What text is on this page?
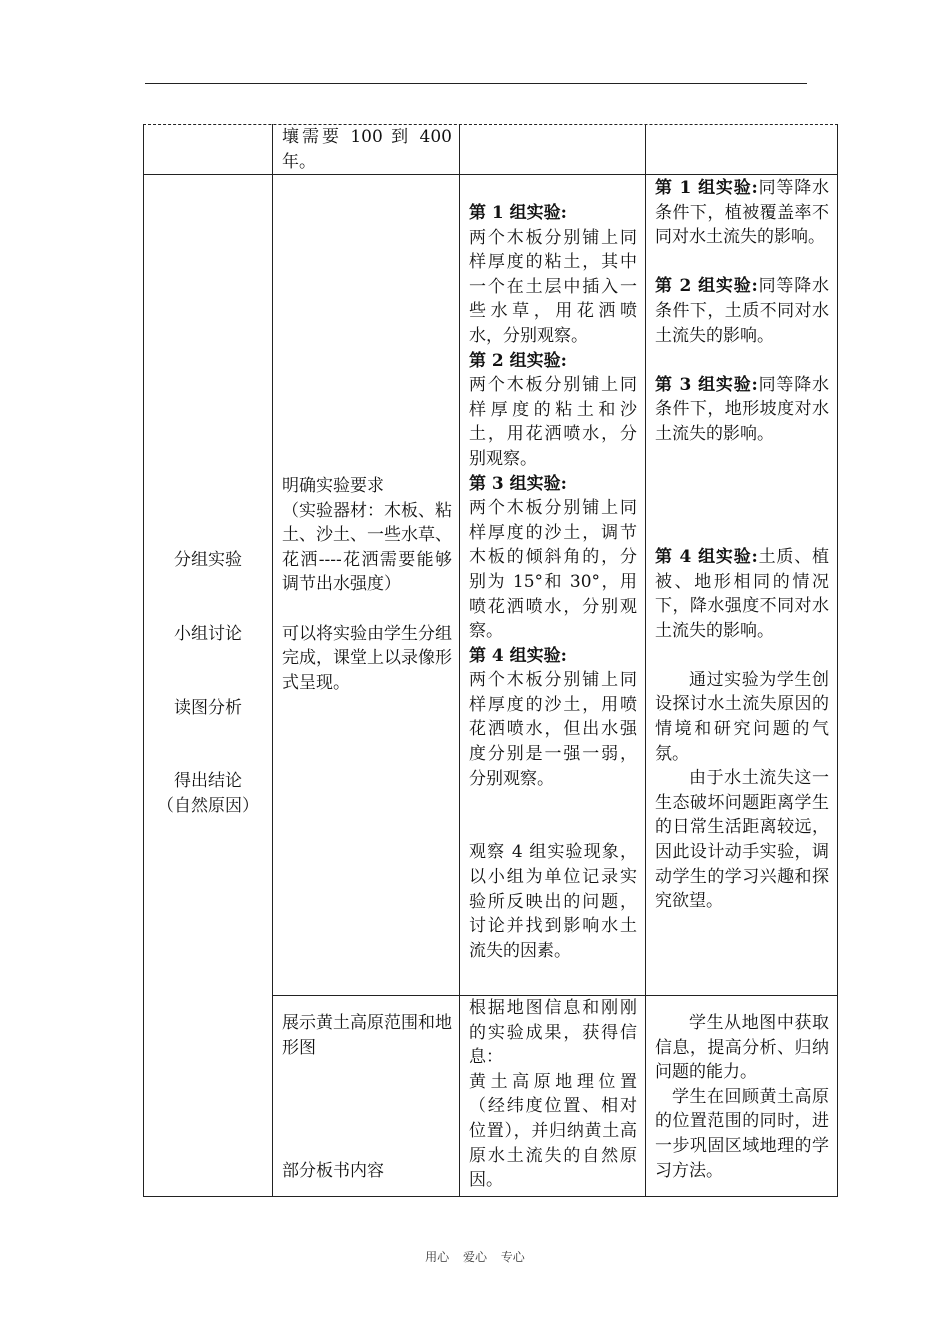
壤需要 100 到 400 年。

分组实验

小组讨论

读图分析

得出结论

（自然原因）

明确实验要求

（实验器材：木板、粘土、沙土、一些水草、花洒----花洒需要能够调节出水强度）

可以将实验由学生分组完成，课堂上以录像形式呈现。

第 1 组实验:

两个木板分别铺上同样厚度的粘土，其中一个在土层中插入一些水草，用花洒喷水，分别观察。

第 2 组实验:

两个木板分别铺上同样厚度的粘土和沙土，用花洒喷水，分别观察。

第 3 组实验:

两个木板分别铺上同样厚度的沙土，调节木板的倾斜角的，分别为 15°和 30°，用喷花洒喷水，分别观察。

第 4 组实验:

两个木板分别铺上同样厚度的沙土，用喷花洒喷水，但出水强度分别是一强一弱，分别观察。

观察 4 组实验现象，以小组为单位记录实验所反映出的问题，讨论并找到影响水土流失的因素。

第 1 组实验:同等降水条件下，植被覆盖率不同对水土流失的影响。

第 2 组实验:同等降水条件下，土质不同对水土流失的影响。

第 3 组实验:同等降水条件下，地形坡度对水土流失的影响。

第 4 组实验:土质、植被、地形相同的情况下，降水强度不同对水土流失的影响。

通过实验为学生创设探讨水土流失原因的情境和研究问题的气氛。

由于水土流失这一生态破坏问题距离学生的日常生活距离较远，因此设计动手实验，调动学生的学习兴趣和探究欲望。

展示黄土高原范围和地形图

部分板书内容

根据地图信息和刚刚的实验成果，获得信息：

黄土高原地理位置（经纬度位置、相对位置），并归纳黄土高原水土流失的自然原因。

学生从地图中获取信息，提高分析、归纳问题的能力。

学生在回顾黄土高原的位置范围的同时，进一步巩固区域地理的学习方法。

用心 爱心 专心
